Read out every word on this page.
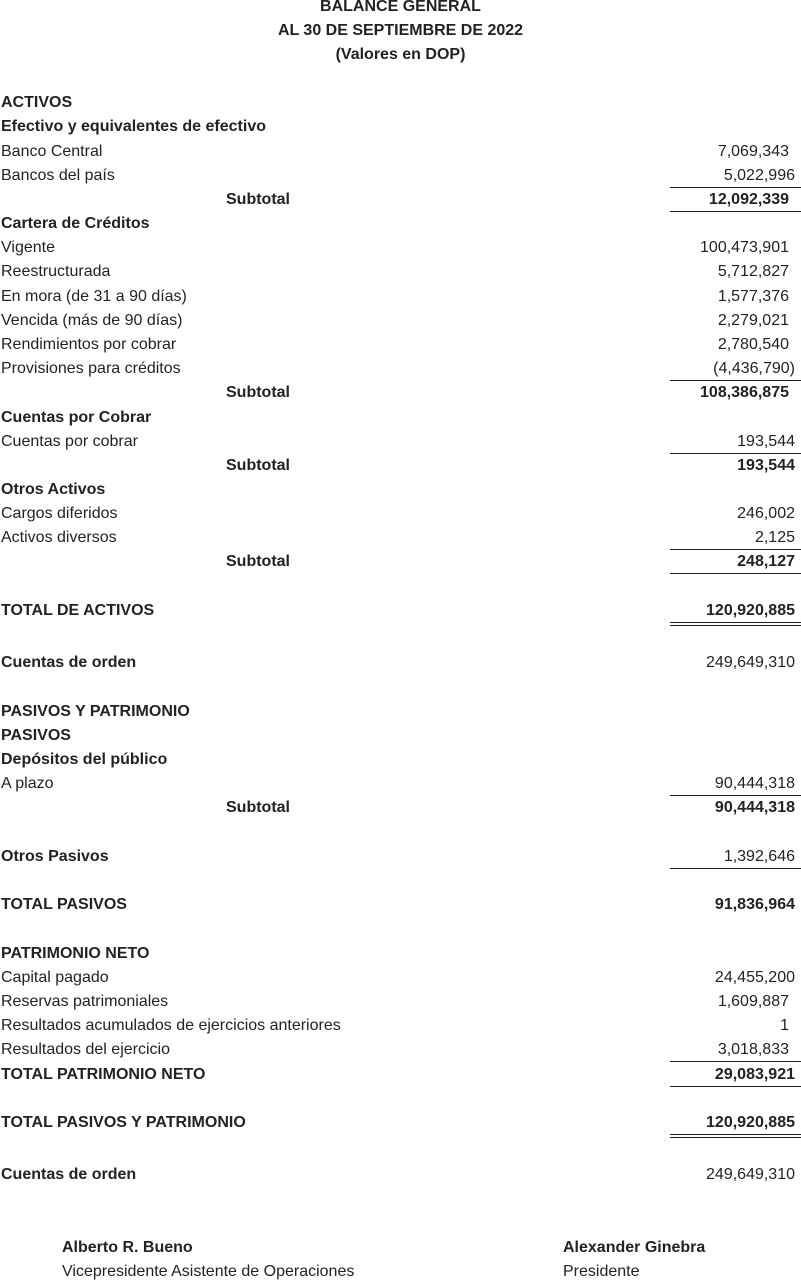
BALANCE GENERAL
AL 30 DE SEPTIEMBRE DE 2022
(Valores en DOP)
ACTIVOS
Efectivo y equivalentes de efectivo
Banco Central	7,069,343
Bancos del país	5,022,996
Subtotal	12,092,339
Cartera de Créditos
Vigente	100,473,901
Reestructurada	5,712,827
En mora (de 31 a 90 días)	1,577,376
Vencida (más de 90 días)	2,279,021
Rendimientos por cobrar	2,780,540
Provisiones para créditos	(4,436,790)
Subtotal	108,386,875
Cuentas por Cobrar
Cuentas por cobrar	193,544
Subtotal	193,544
Otros Activos
Cargos diferidos	246,002
Activos diversos	2,125
Subtotal	248,127
TOTAL DE ACTIVOS	120,920,885
Cuentas de orden	249,649,310
PASIVOS Y PATRIMONIO
PASIVOS
Depósitos del público
A plazo	90,444,318
Subtotal	90,444,318
Otros Pasivos	1,392,646
TOTAL PASIVOS	91,836,964
PATRIMONIO NETO
Capital pagado	24,455,200
Reservas patrimoniales	1,609,887
Resultados acumulados de ejercicios anteriores	1
Resultados del ejercicio	3,018,833
TOTAL PATRIMONIO NETO	29,083,921
TOTAL PASIVOS Y PATRIMONIO	120,920,885
Cuentas de orden	249,649,310
Alberto R. Bueno
Vicepresidente Asistente de Operaciones
Alexander Ginebra
Presidente
